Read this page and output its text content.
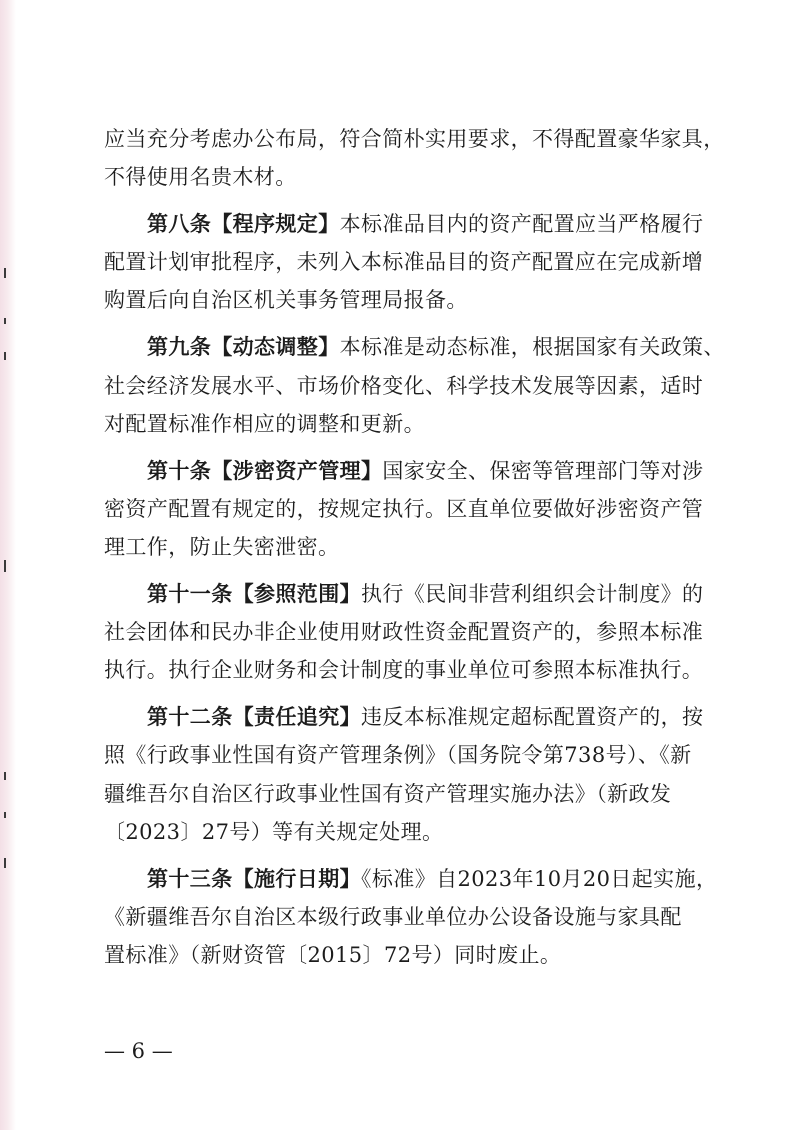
应当充分考虑办公布局，符合简朴实用要求，不得配置豪华家具，
不得使用名贵木材。
第八条【程序规定】本标准品目内的资产配置应当严格履行
配置计划审批程序，未列入本标准品目的资产配置应在完成新增
购置后向自治区机关事务管理局报备。
第九条【动态调整】本标准是动态标准，根据国家有关政策、
社会经济发展水平、市场价格变化、科学技术发展等因素，适时
对配置标准作相应的调整和更新。
第十条【涉密资产管理】国家安全、保密等管理部门等对涉
密资产配置有规定的，按规定执行。区直单位要做好涉密资产管
理工作，防止失密泄密。
第十一条【参照范围】执行《民间非营利组织会计制度》的
社会团体和民办非企业使用财政性资金配置资产的，参照本标准
执行。执行企业财务和会计制度的事业单位可参照本标准执行。
第十二条【责任追究】违反本标准规定超标配置资产的，按
照《行政事业性国有资产管理条例》（国务院令第738号）、《新
疆维吾尔自治区行政事业性国有资产管理实施办法》（新政发
〔2023〕27号）等有关规定处理。
第十三条【施行日期】《标准》自2023年10月20日起实施，
《新疆维吾尔自治区本级行政事业单位办公设备设施与家具配
置标准》（新财资管〔2015〕72号）同时废止。
— 6 —
